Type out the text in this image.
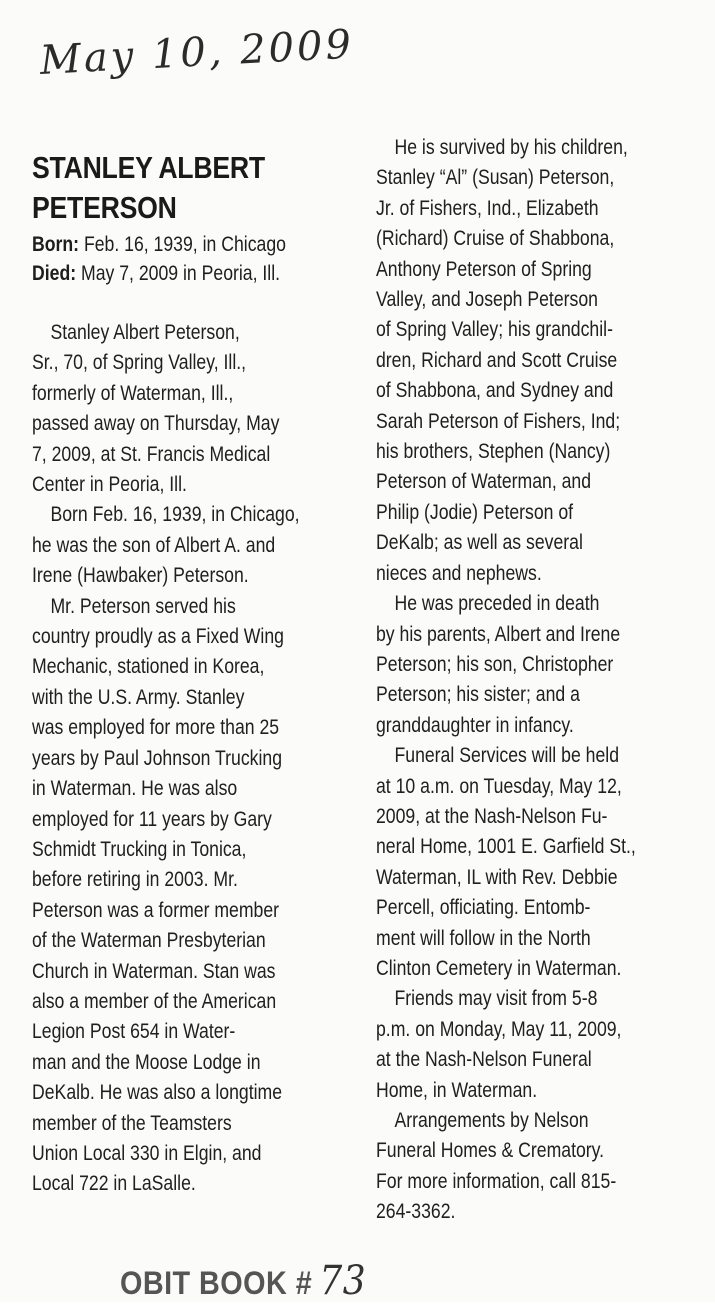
May 10, 2009
STANLEY ALBERT PETERSON
Born: Feb. 16, 1939, in Chicago
Died: May 7, 2009 in Peoria, Ill.
Stanley Albert Peterson,
Sr., 70, of Spring Valley, Ill.,
formerly of Waterman, Ill.,
passed away on Thursday, May
7, 2009, at St. Francis Medical
Center in Peoria, Ill.
Born Feb. 16, 1939, in Chicago,
he was the son of Albert A. and
Irene (Hawbaker) Peterson.
Mr. Peterson served his
country proudly as a Fixed Wing
Mechanic, stationed in Korea,
with the U.S. Army. Stanley
was employed for more than 25
years by Paul Johnson Trucking
in Waterman. He was also
employed for 11 years by Gary
Schmidt Trucking in Tonica,
before retiring in 2003. Mr.
Peterson was a former member
of the Waterman Presbyterian
Church in Waterman. Stan was
also a member of the American
Legion Post 654 in Water-
man and the Moose Lodge in
DeKalb. He was also a longtime
member of the Teamsters
Union Local 330 in Elgin, and
Local 722 in LaSalle.
He is survived by his children,
Stanley “Al” (Susan) Peterson,
Jr. of Fishers, Ind., Elizabeth
(Richard) Cruise of Shabbona,
Anthony Peterson of Spring
Valley, and Joseph Peterson
of Spring Valley; his grandchil-
dren, Richard and Scott Cruise
of Shabbona, and Sydney and
Sarah Peterson of Fishers, Ind;
his brothers, Stephen (Nancy)
Peterson of Waterman, and
Philip (Jodie) Peterson of
DeKalb; as well as several
nieces and nephews.
He was preceded in death
by his parents, Albert and Irene
Peterson; his son, Christopher
Peterson; his sister; and a
granddaughter in infancy.
Funeral Services will be held
at 10 a.m. on Tuesday, May 12,
2009, at the Nash-Nelson Fu-
neral Home, 1001 E. Garfield St.,
Waterman, IL with Rev. Debbie
Percell, officiating. Entomb-
ment will follow in the North
Clinton Cemetery in Waterman.
Friends may visit from 5-8
p.m. on Monday, May 11, 2009,
at the Nash-Nelson Funeral
Home, in Waterman.
Arrangements by Nelson
Funeral Homes & Crematory.
For more information, call 815-
264-3362.
OBIT BOOK # 73
